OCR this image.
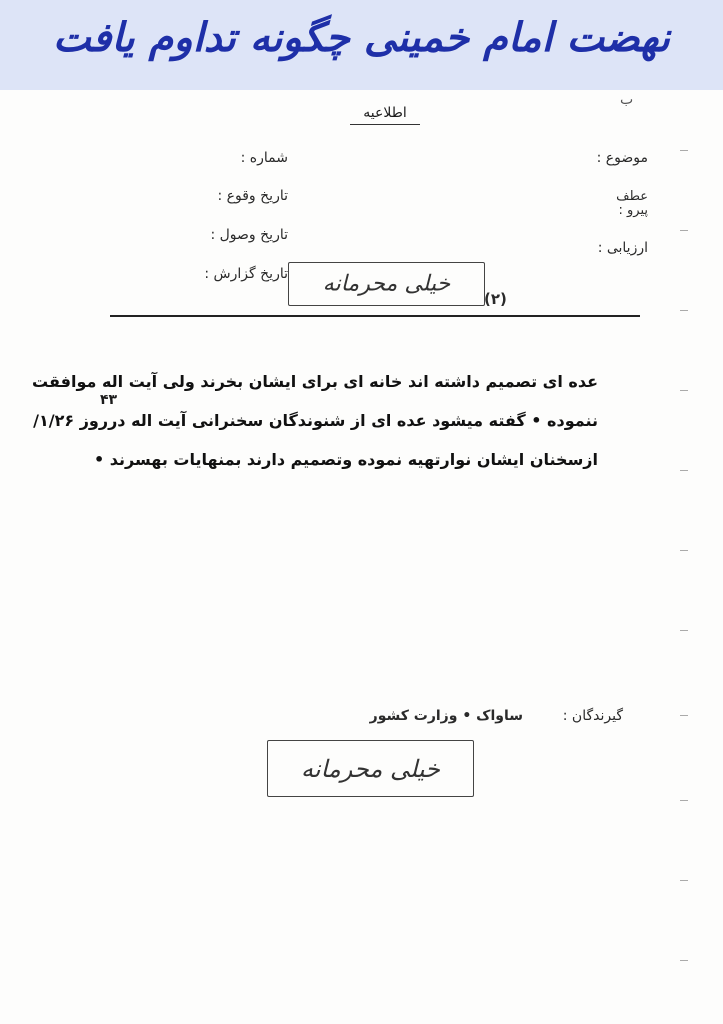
نهضت امام خمینی چگونه تداوم یافت
ب
اطلاعیه
موضوع :
عطف
پیرو :
ارزیابی :
شماره :
تاریخ وقوع :
تاریخ وصول :
تاریخ گزارش :	خیلی محرمانه
(۲)
عده ای تصمیم داشته اند خانه ای برای ایشان بخرند ولی آیت اله موافقت
ننموده • گفته میشود عده ای از شنوندگان سخنرانی آیت اله درروز ۱/۲۶/
۴۳
ازسخنان ایشان نوارتهیه نموده وتصمیم دارند بمنهایات بهسرند •
گیرندگان :
ساواک • وزارت کشور
خیلی محرمانه
